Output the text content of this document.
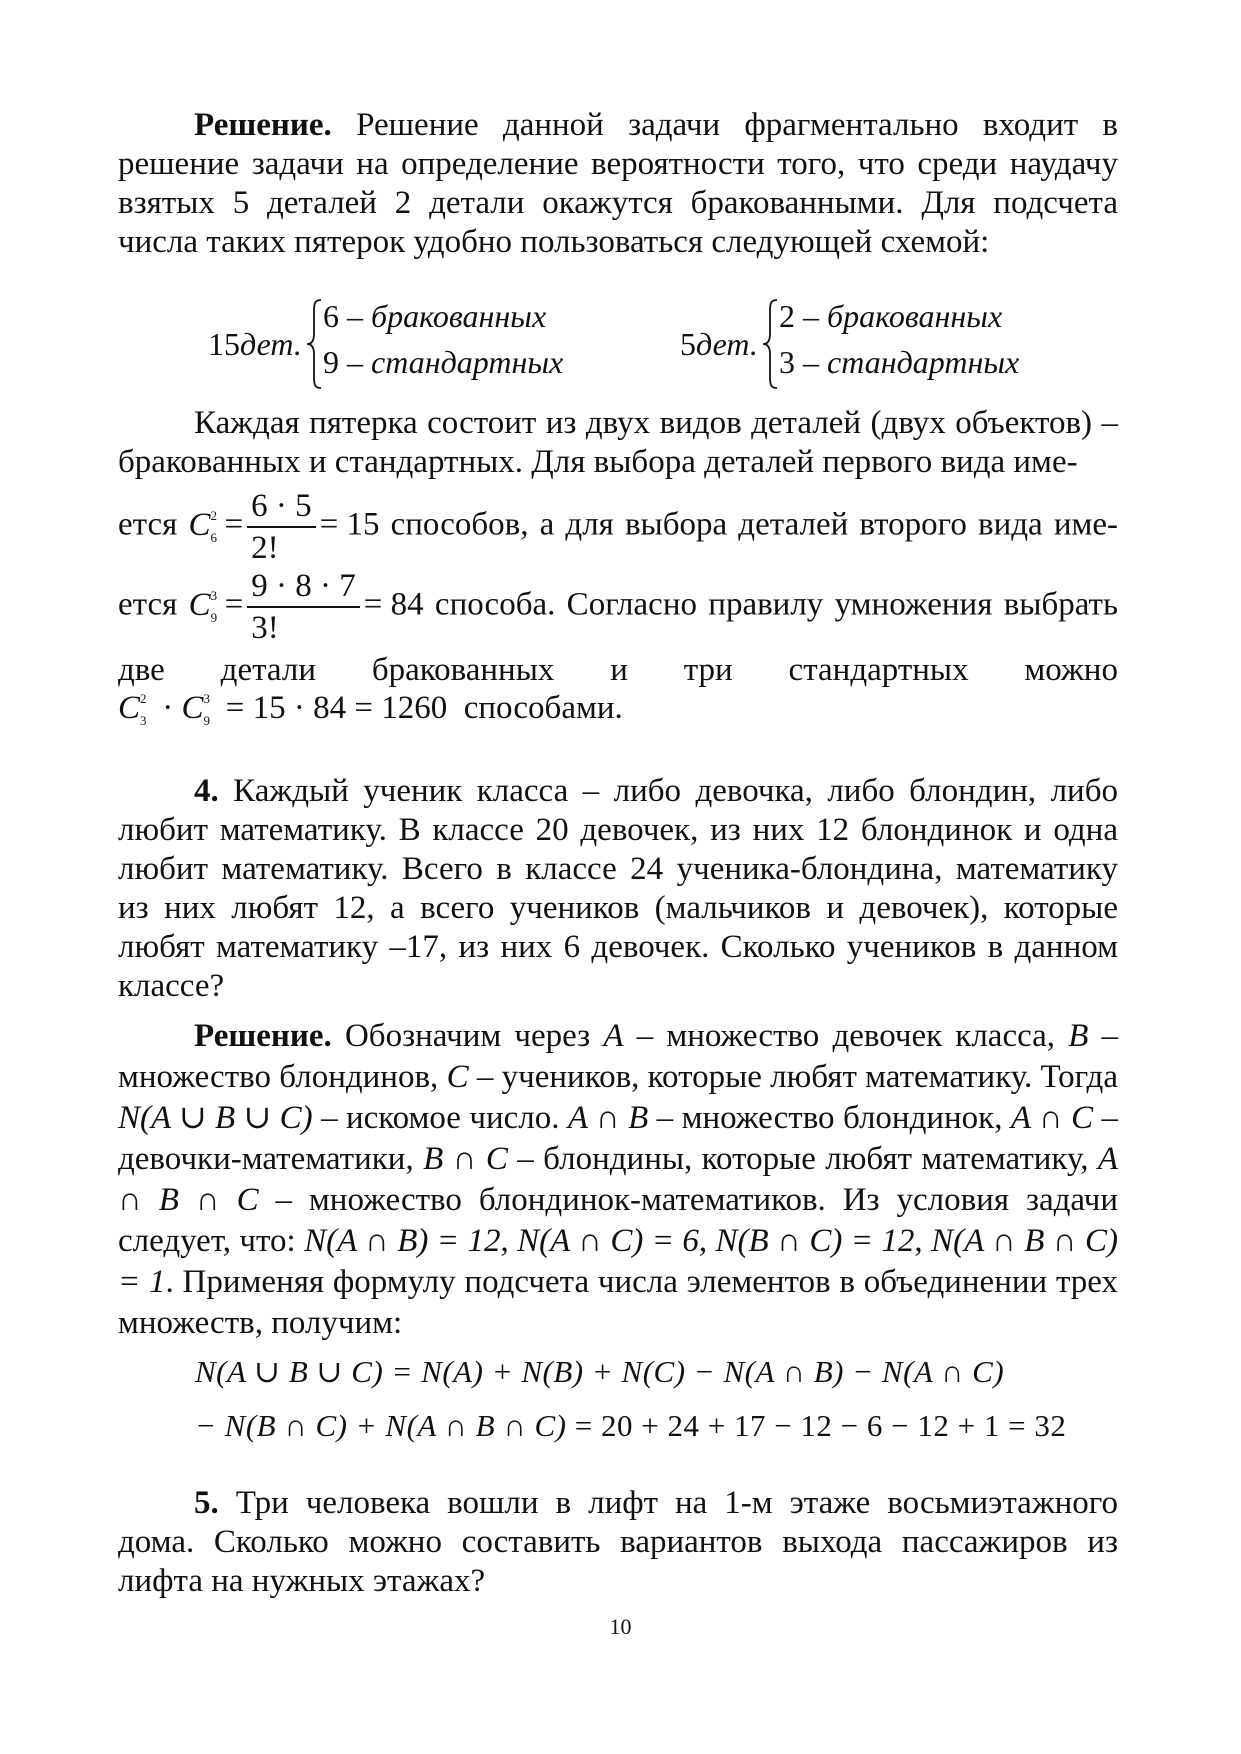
Решение. Решение данной задачи фрагментально входит в решение задачи на определение вероятности того, что среди наудачу взятых 5 деталей 2 детали окажутся бракованными. Для подсчета числа таких пятерок удобно пользоваться следующей схемой:

15дет.
6 – бракованных
9 – стандартных	5дет.
2 – бракованных
3 – стандартных

Каждая пятерка состоит из двух видов деталей (двух объектов) – бракованных и стандартных. Для выбора деталей первого вида име-

ется C 2
$6 = \frac{6 \cdot 5}{2!} = 15$ способов, а для выбора деталей второго вида име-
ется C 3
$9 = \frac{9 \cdot 8 \cdot 7}{3!} = 84$ способа. Согласно правилу умножения выбрать
две детали бракованных и три стандартных можно
C 2
3 · C 3
9 = 15 · 84 = 1260 способами.

4. Каждый ученик класса – либо девочка, либо блондин, либо любит математику. В классе 20 девочек, из них 12 блондинок и одна любит математику. Всего в классе 24 ученика-блондина, математику из них любят 12, а всего учеников (мальчиков и девочек), которые любят математику –17, из них 6 девочек. Сколько учеников в данном классе?

Решение. Обозначим через A – множество девочек класса, B – множество блондинов, C – учеников, которые любят математику. Тогда N(A ∪ B ∪ C) – искомое число. A ∩ B – множество блондинок, A ∩ C – девочки-математики, B ∩ C – блондины, которые любят математику, A ∩ B ∩ C – множество блондинок-математиков. Из условия задачи следует, что: N(A ∩ B) = 12, N(A ∩ C) = 6, N(B ∩ C) = 12, N(A ∩ B ∩ C) = 1. Применяя формулу подсчета числа элементов в объединении трех множеств, получим:

N(A ∪ B ∪ C) = N(A) + N(B) + N(C) − N(A ∩ B) − N(A ∩ C)
− N(B ∩ C) + N(A ∩ B ∩ C) = 20 + 24 + 17 − 12 − 6 − 12 + 1 = 32

5. Три человека вошли в лифт на 1-м этаже восьмиэтажного дома. Сколько можно составить вариантов выхода пассажиров из лифта на нужных этажах?

10
